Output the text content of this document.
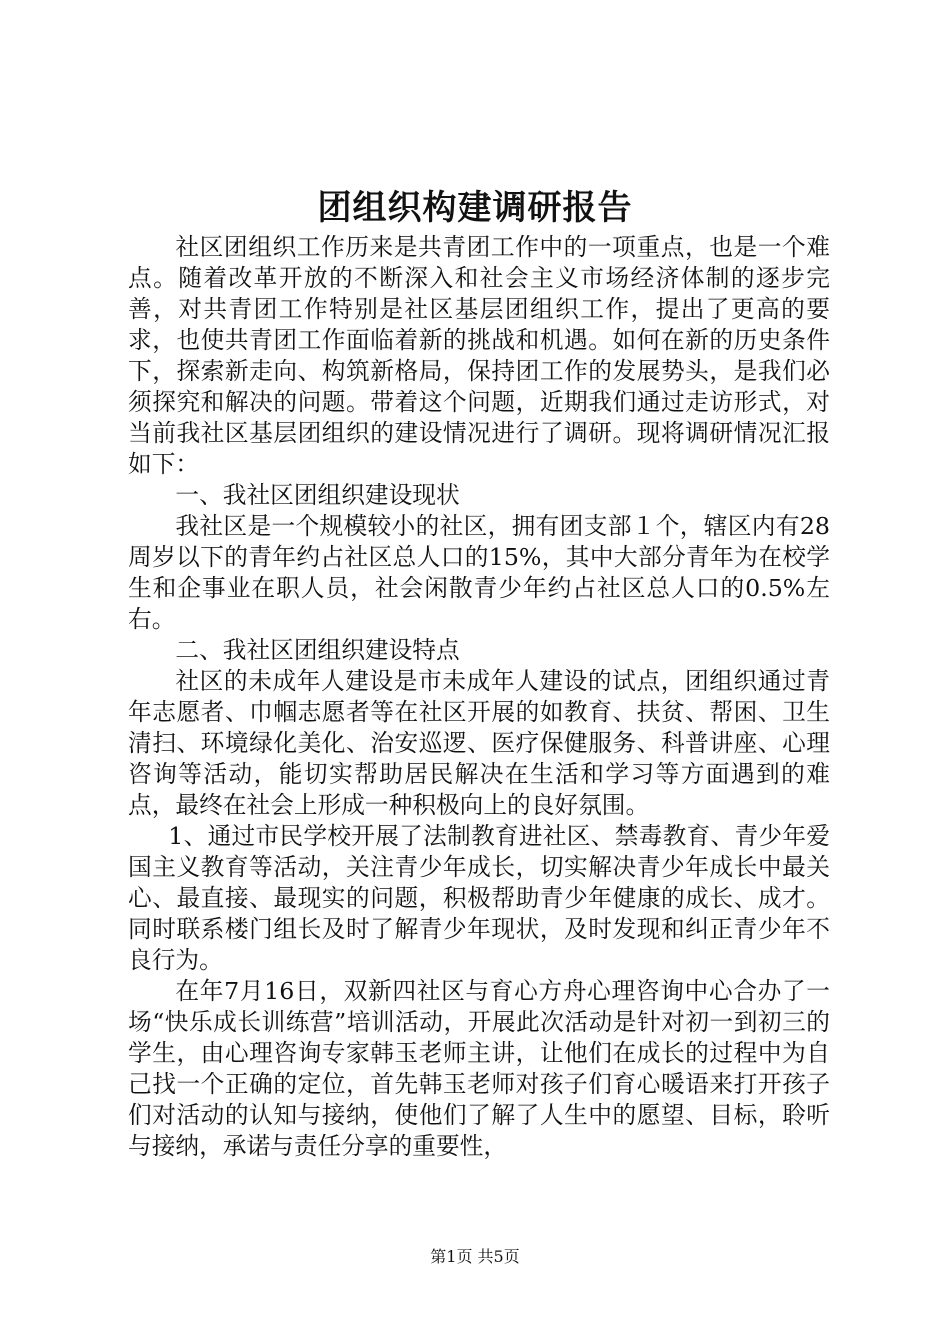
团组织构建调研报告

社区团组织工作历来是共青团工作中的一项重点，也是一个难点。随着改革开放的不断深入和社会主义市场经济体制的逐步完善，对共青团工作特别是社区基层团组织工作，提出了更高的要求，也使共青团工作面临着新的挑战和机遇。如何在新的历史条件下，探索新走向、构筑新格局，保持团工作的发展势头，是我们必须探究和解决的问题。带着这个问题，近期我们通过走访形式，对当前我社区基层团组织的建设情况进行了调研。现将调研情况汇报如下：

一、我社区团组织建设现状

我社区是一个规模较小的社区，拥有团支部１个，辖区内有28周岁以下的青年约占社区总人口的15%，其中大部分青年为在校学生和企事业在职人员，社会闲散青少年约占社区总人口的0.5%左右。

二、我社区团组织建设特点

社区的未成年人建设是市未成年人建设的试点，团组织通过青年志愿者、巾帼志愿者等在社区开展的如教育、扶贫、帮困、卫生清扫、环境绿化美化、治安巡逻、医疗保健服务、科普讲座、心理咨询等活动，能切实帮助居民解决在生活和学习等方面遇到的难点，最终在社会上形成一种积极向上的良好氛围。

1、通过市民学校开展了法制教育进社区、禁毒教育、青少年爱国主义教育等活动，关注青少年成长，切实解决青少年成长中最关心、最直接、最现实的问题，积极帮助青少年健康的成长、成才。同时联系楼门组长及时了解青少年现状，及时发现和纠正青少年不良行为。

在年7月16日，双新四社区与育心方舟心理咨询中心合办了一场“快乐成长训练营”培训活动，开展此次活动是针对初一到初三的学生，由心理咨询专家韩玉老师主讲，让他们在成长的过程中为自己找一个正确的定位，首先韩玉老师对孩子们育心暖语来打开孩子们对活动的认知与接纳，使他们了解了人生中的愿望、目标，聆听与接纳，承诺与责任分享的重要性，

第1页 共5页
